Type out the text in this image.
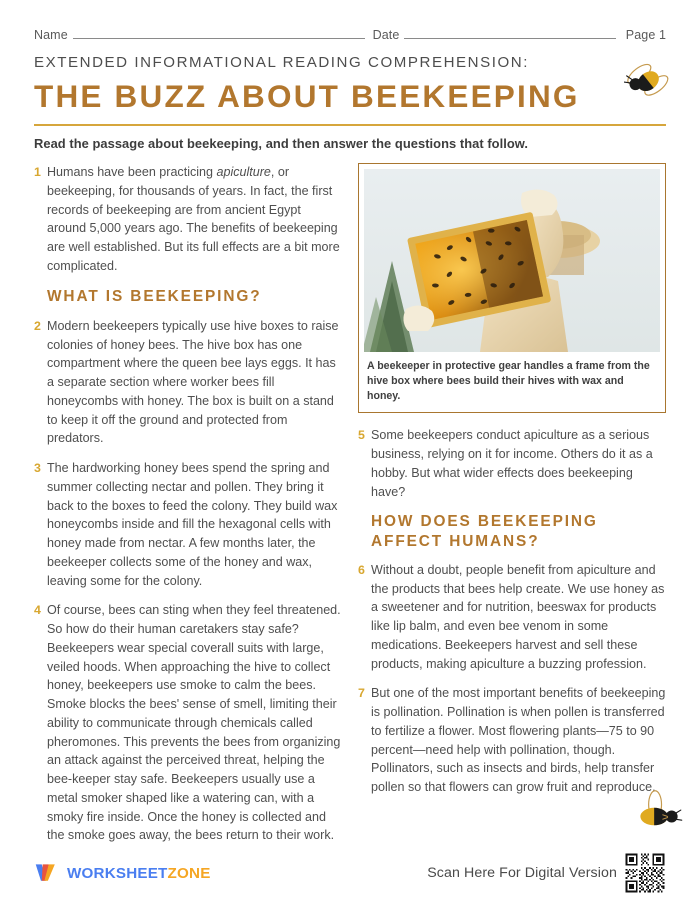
Name	Date	Page 1
EXTENDED INFORMATIONAL READING COMPREHENSION:
THE BUZZ ABOUT BEEKEEPING
Read the passage about beekeeping, and then answer the questions that follow.
1 Humans have been practicing apiculture, or beekeeping, for thousands of years. In fact, the first records of beekeeping are from ancient Egypt around 5,000 years ago. The benefits of beekeeping are well established. But its full effects are a bit more complicated.
WHAT IS BEEKEEPING?
2 Modern beekeepers typically use hive boxes to raise colonies of honey bees. The hive box has one compartment where the queen bee lays eggs. It has a separate section where worker bees fill honeycombs with honey. The box is built on a stand to keep it off the ground and protected from predators.
3 The hardworking honey bees spend the spring and summer collecting nectar and pollen. They bring it back to the boxes to feed the colony. They build wax honeycombs inside and fill the hexagonal cells with honey made from nectar. A few months later, the beekeeper collects some of the honey and wax, leaving some for the colony.
4 Of course, bees can sting when they feel threatened. So how do their human caretakers stay safe? Beekeepers wear special coverall suits with large, veiled hoods. When approaching the hive to collect honey, beekeepers use smoke to calm the bees. Smoke blocks the bees' sense of smell, limiting their ability to communicate through chemicals called pheromones. This prevents the bees from organizing an attack against the perceived threat, helping the bee-keeper stay safe. Beekeepers usually use a metal smoker shaped like a watering can, with a smoky fire inside. Once the honey is collected and the smoke goes away, the bees return to their work.
A beekeeper in protective gear handles a frame from the hive box where bees build their hives with wax and honey.
5 Some beekeepers conduct apiculture as a serious business, relying on it for income. Others do it as a hobby. But what wider effects does beekeeping have?
HOW DOES BEEKEEPING
AFFECT HUMANS?
6 Without a doubt, people benefit from apiculture and the products that bees help create. We use honey as a sweetener and for nutrition, beeswax for products like lip balm, and even bee venom in some medications. Beekeepers harvest and sell these products, making apiculture a buzzing profession.
7 But one of the most important benefits of beekeeping is pollination. Pollination is when pollen is transferred to fertilize a flower. Most flowering plants—75 to 90 percent—need help with pollination, though. Pollinators, such as insects and birds, help transfer pollen so that flowers can grow fruit and reproduce.
WORKSHEETZONE	Scan Here For Digital Version
